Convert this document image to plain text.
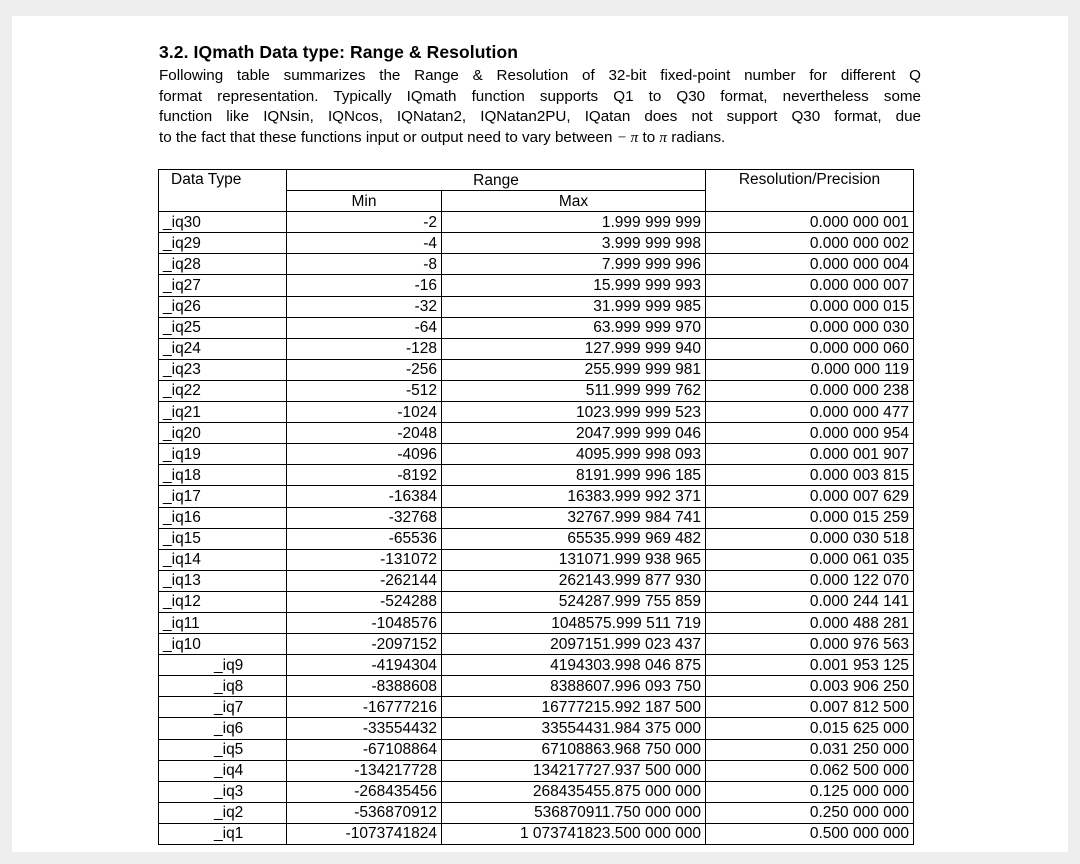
3.2. IQmath Data type: Range & Resolution
Following table summarizes the Range & Resolution of 32-bit fixed-point number for different Q
format representation. Typically IQmath function supports Q1 to Q30 format, nevertheless some
function like IQNsin, IQNcos, IQNatan2, IQNatan2PU, IQatan does not support Q30 format, due
to the fact that these functions input or output need to vary between − π to π radians.
Data Type	Range		Resolution/Precision
	Min	Max	
_iq30	-2	1.999 999 999	0.000 000 001
_iq29	-4	3.999 999 998	0.000 000 002
_iq28	-8	7.999 999 996	0.000 000 004
_iq27	-16	15.999 999 993	0.000 000 007
_iq26	-32	31.999 999 985	0.000 000 015
_iq25	-64	63.999 999 970	0.000 000 030
_iq24	-128	127.999 999 940	0.000 000 060
_iq23	-256	255.999 999 981	0.000 000 119
_iq22	-512	511.999 999 762	0.000 000 238
_iq21	-1024	1023.999 999 523	0.000 000 477
_iq20	-2048	2047.999 999 046	0.000 000 954
_iq19	-4096	4095.999 998 093	0.000 001 907
_iq18	-8192	8191.999 996 185	0.000 003 815
_iq17	-16384	16383.999 992 371	0.000 007 629
_iq16	-32768	32767.999 984 741	0.000 015 259
_iq15	-65536	65535.999 969 482	0.000 030 518
_iq14	-131072	131071.999 938 965	0.000 061 035
_iq13	-262144	262143.999 877 930	0.000 122 070
_iq12	-524288	524287.999 755 859	0.000 244 141
_iq11	-1048576	1048575.999 511 719	0.000 488 281
_iq10	-2097152	2097151.999 023 437	0.000 976 563
_iq9	-4194304	4194303.998 046 875	0.001 953 125
_iq8	-8388608	8388607.996 093 750	0.003 906 250
_iq7	-16777216	16777215.992 187 500	0.007 812 500
_iq6	-33554432	33554431.984 375 000	0.015 625 000
_iq5	-67108864	67108863.968 750 000	0.031 250 000
_iq4	-134217728	134217727.937 500 000	0.062 500 000
_iq3	-268435456	268435455.875 000 000	0.125 000 000
_iq2	-536870912	536870911.750 000 000	0.250 000 000
_iq1	-1073741824	1 073741823.500 000 000	0.500 000 000
